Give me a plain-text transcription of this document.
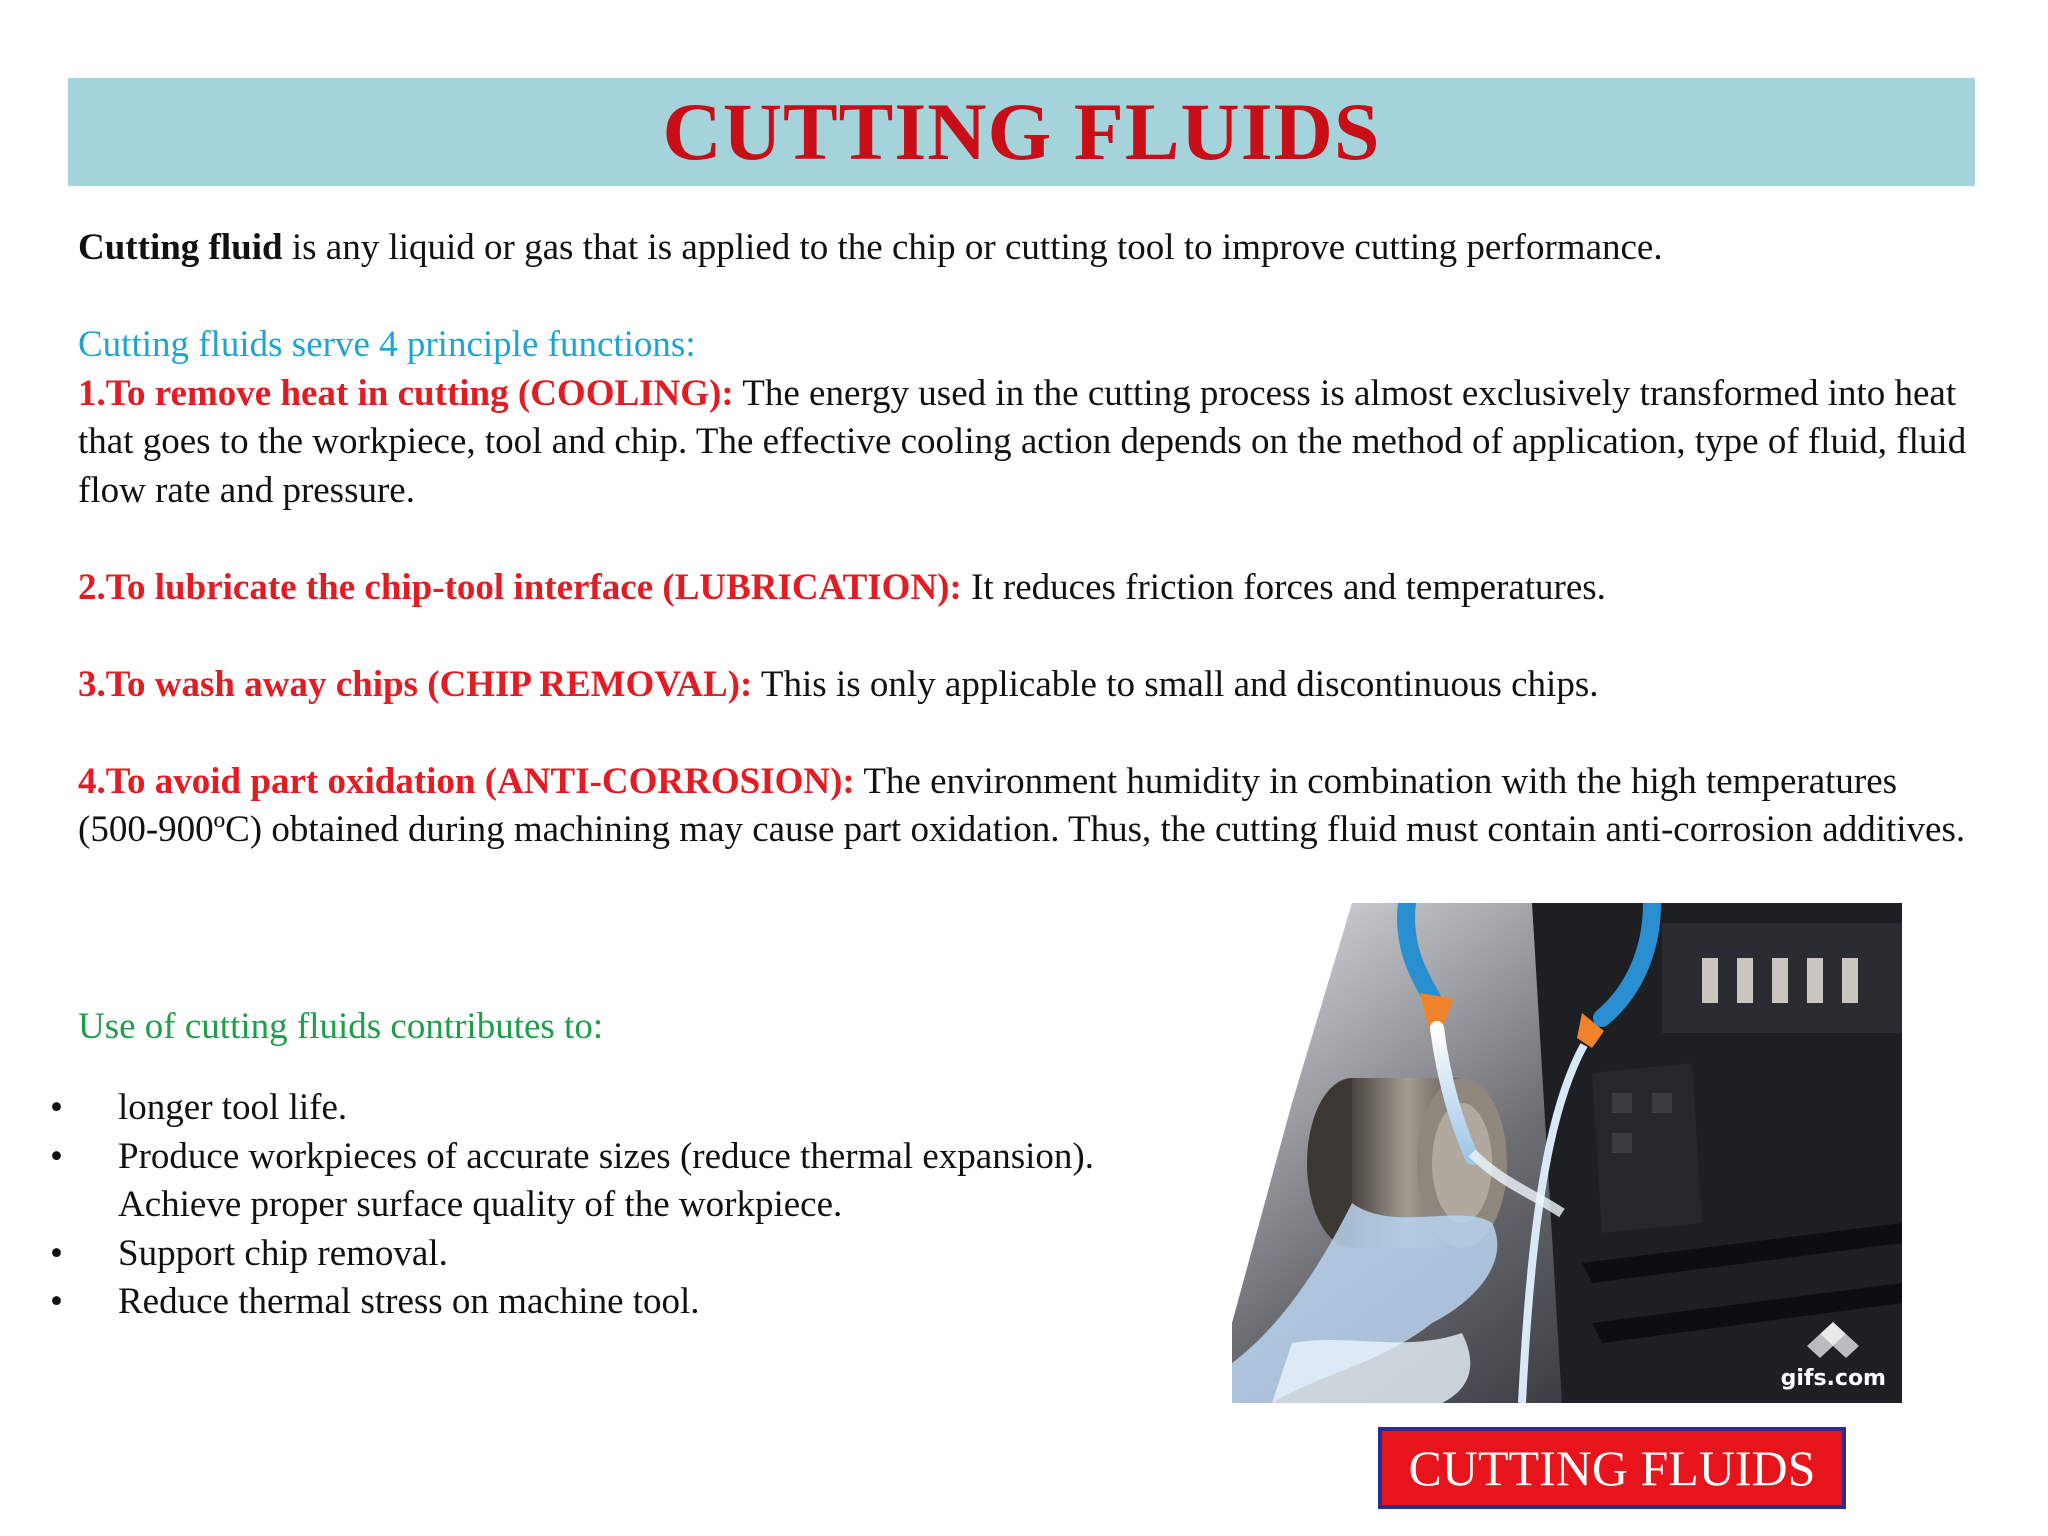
CUTTING FLUIDS

Cutting fluid is any liquid or gas that is applied to the chip or cutting tool to improve cutting performance.

Cutting fluids serve 4 principle functions:

1.To remove heat in cutting (COOLING): The energy used in the cutting process is almost exclusively transformed into heat that goes to the workpiece, tool and chip. The effective cooling action depends on the method of application, type of fluid, fluid flow rate and pressure.

2.To lubricate the chip-tool interface (LUBRICATION): It reduces friction forces and temperatures.

3.To wash away chips (CHIP REMOVAL): This is only applicable to small and discontinuous chips.

4.To avoid part oxidation (ANTI-CORROSION): The environment humidity in combination with the high temperatures (500-900ºC) obtained during machining may cause part oxidation. Thus, the cutting fluid must contain anti-corrosion additives.

Use of cutting fluids contributes to:

• longer tool life.
• Produce workpieces of accurate sizes (reduce thermal expansion).
Achieve proper surface quality of the workpiece.
• Support chip removal.
• Reduce thermal stress on machine tool.
gifs.com
CUTTING FLUIDS
